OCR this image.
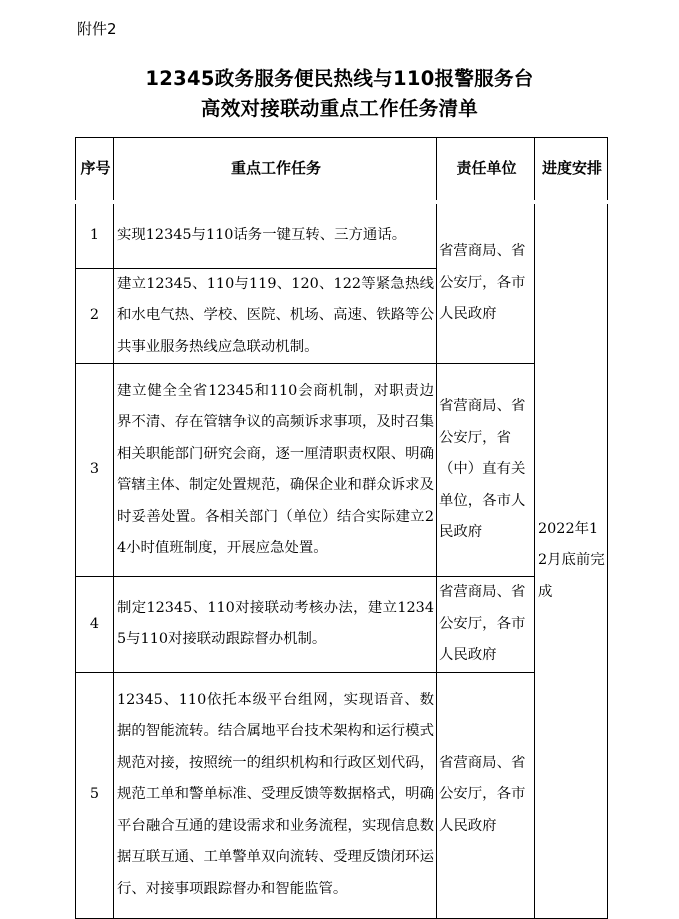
附件2
12345政务服务便民热线与110报警服务台
高效对接联动重点工作任务清单
序号	重点工作任务	责任单位	进度安排
1	实现12345与110话务一键互转、三方通话。	省营商局、省公安厅，各市人民政府	2022年12月底前完成
2	建立12345、110与119、120、122等紧急热线和水电气热、学校、医院、机场、高速、铁路等公共事业服务热线应急联动机制。		
3	建立健全全省12345和110会商机制，对职责边界不清、存在管辖争议的高频诉求事项，及时召集相关职能部门研究会商，逐一厘清职责权限、明确管辖主体、制定处置规范，确保企业和群众诉求及时妥善处置。各相关部门（单位）结合实际建立24小时值班制度，开展应急处置。	省营商局、省公安厅，省（中）直有关单位，各市人民政府	
4	制定12345、110对接联动考核办法，建立12345与110对接联动跟踪督办机制。	省营商局、省公安厅，各市人民政府	
5	12345、110依托本级平台组网，实现语音、数据的智能流转。结合属地平台技术架构和运行模式规范对接，按照统一的组织机构和行政区划代码，规范工单和警单标准、受理反馈等数据格式，明确平台融合互通的建设需求和业务流程，实现信息数据互联互通、工单警单双向流转、受理反馈闭环运行、对接事项跟踪督办和智能监管。	省营商局、省公安厅，各市人民政府	
